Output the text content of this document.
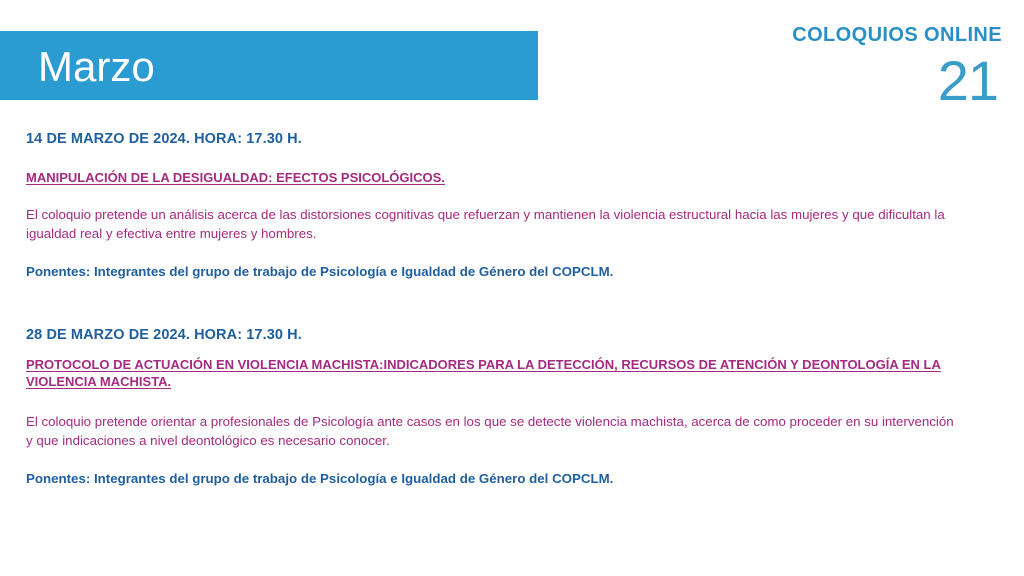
Marzo
COLOQUIOS ONLINE
21
14 DE MARZO DE 2024. HORA: 17.30 H.
MANIPULACIÓN DE LA DESIGUALDAD: EFECTOS PSICOLÓGICOS.
El coloquio pretende un análisis acerca de las distorsiones cognitivas que refuerzan y mantienen la violencia estructural hacia las mujeres y que dificultan la igualdad real y efectiva entre mujeres y hombres.
Ponentes: Integrantes del grupo de trabajo de Psicología e Igualdad de Género del COPCLM.
28 DE MARZO DE 2024. HORA: 17.30 H.
PROTOCOLO DE ACTUACIÓN EN VIOLENCIA MACHISTA:INDICADORES PARA LA DETECCIÓN, RECURSOS DE ATENCIÓN Y DEONTOLOGÍA EN LA VIOLENCIA MACHISTA.
El coloquio pretende orientar a profesionales de Psicología ante casos en los que se detecte violencia machista, acerca de como proceder en su intervención y que indicaciones a nivel deontológico es necesario conocer.
Ponentes: Integrantes del grupo de trabajo de Psicología e Igualdad de Género del COPCLM.
